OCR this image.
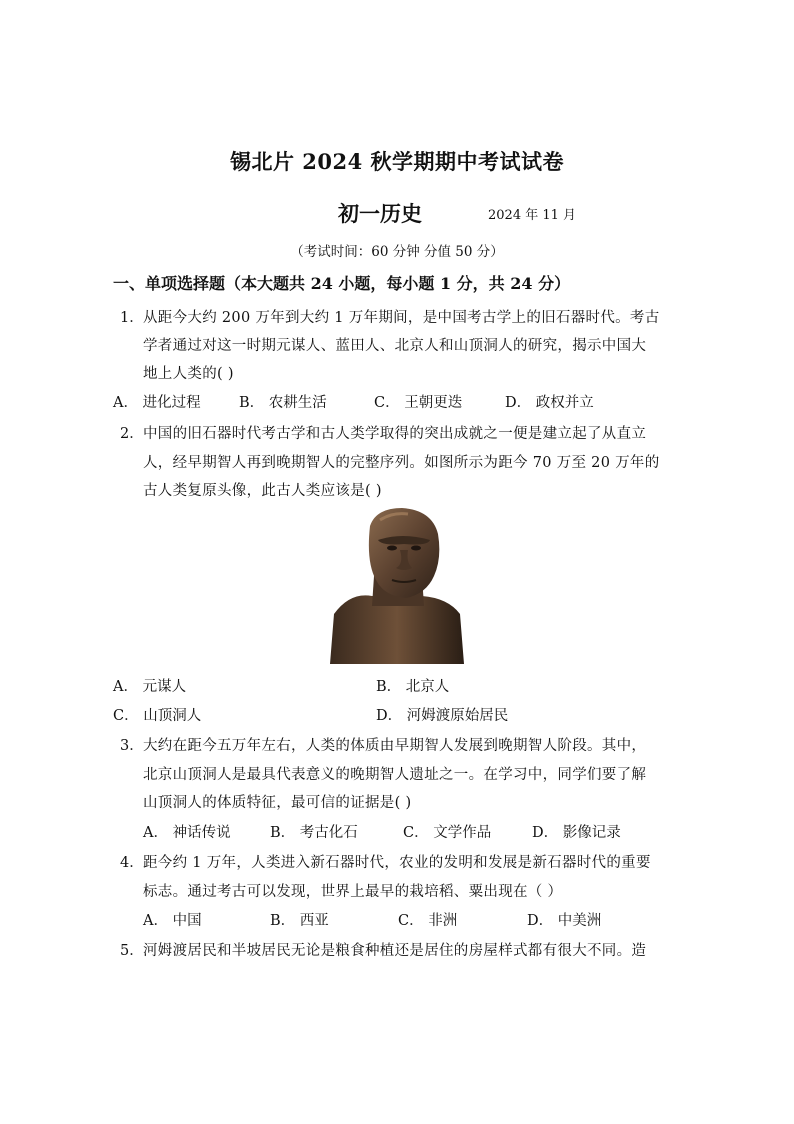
锡北片 2024 秋学期期中考试试卷
初一历史	2024 年 11 月
（考试时间：60 分钟 分值 50 分）
一、单项选择题（本大题共 24 小题，每小题 1 分，共 24 分）
1． 从距今大约 200 万年到大约 1 万年期间，是中国考古学上的旧石器时代。考古
学者通过对这一时期元谋人、蓝田人、北京人和山顶洞人的研究，揭示中国大
地上人类的( )
A． 进化过程	B． 农耕生活	C． 王朝更迭	D． 政权并立
2． 中国的旧石器时代考古学和古人类学取得的突出成就之一便是建立起了从直立
人，经早期智人再到晚期智人的完整序列。如图所示为距今 70 万至 20 万年的
古人类复原头像，此古人类应该是( )
A． 元谋人	B． 北京人
C． 山顶洞人	D． 河姆渡原始居民
3． 大约在距今五万年左右，人类的体质由早期智人发展到晚期智人阶段。其中，
北京山顶洞人是最具代表意义的晚期智人遗址之一。在学习中，同学们要了解
山顶洞人的体质特征，最可信的证据是( )
A． 神话传说	B． 考古化石	C． 文学作品	D． 影像记录
4． 距今约 1 万年，人类进入新石器时代，农业的发明和发展是新石器时代的重要
标志。通过考古可以发现，世界上最早的栽培稻、粟出现在（ ）
A． 中国	B． 西亚	C． 非洲	D． 中美洲
5． 河姆渡居民和半坡居民无论是粮食种植还是居住的房屋样式都有很大不同。造
